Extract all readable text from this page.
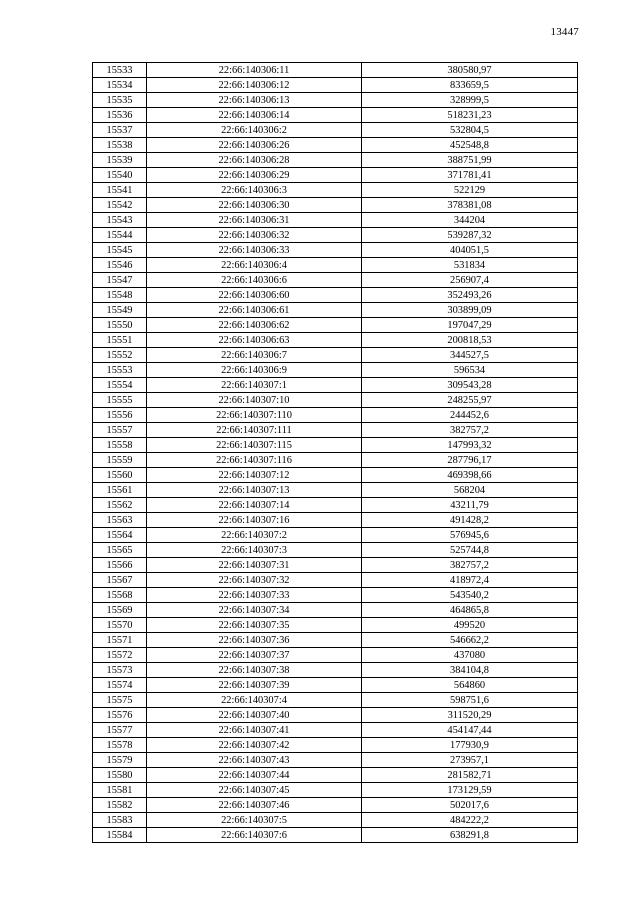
13447
15533	22:66:140306:11	380580,97
15534	22:66:140306:12	833659,5
15535	22:66:140306:13	328999,5
15536	22:66:140306:14	518231,23
15537	22:66:140306:2	532804,5
15538	22:66:140306:26	452548,8
15539	22:66:140306:28	388751,99
15540	22:66:140306:29	371781,41
15541	22:66:140306:3	522129
15542	22:66:140306:30	378381,08
15543	22:66:140306:31	344204
15544	22:66:140306:32	539287,32
15545	22:66:140306:33	404051,5
15546	22:66:140306:4	531834
15547	22:66:140306:6	256907,4
15548	22:66:140306:60	352493,26
15549	22:66:140306:61	303899,09
15550	22:66:140306:62	197047,29
15551	22:66:140306:63	200818,53
15552	22:66:140306:7	344527,5
15553	22:66:140306:9	596534
15554	22:66:140307:1	309543,28
15555	22:66:140307:10	248255,97
15556	22:66:140307:110	244452,6
15557	22:66:140307:111	382757,2
15558	22:66:140307:115	147993,32
15559	22:66:140307:116	287796,17
15560	22:66:140307:12	469398,66
15561	22:66:140307:13	568204
15562	22:66:140307:14	43211,79
15563	22:66:140307:16	491428,2
15564	22:66:140307:2	576945,6
15565	22:66:140307:3	525744,8
15566	22:66:140307:31	382757,2
15567	22:66:140307:32	418972,4
15568	22:66:140307:33	543540,2
15569	22:66:140307:34	464865,8
15570	22:66:140307:35	499520
15571	22:66:140307:36	546662,2
15572	22:66:140307:37	437080
15573	22:66:140307:38	384104,8
15574	22:66:140307:39	564860
15575	22:66:140307:4	598751,6
15576	22:66:140307:40	311520,29
15577	22:66:140307:41	454147,44
15578	22:66:140307:42	177930,9
15579	22:66:140307:43	273957,1
15580	22:66:140307:44	281582,71
15581	22:66:140307:45	173129,59
15582	22:66:140307:46	502017,6
15583	22:66:140307:5	484222,2
15584	22:66:140307:6	638291,8
